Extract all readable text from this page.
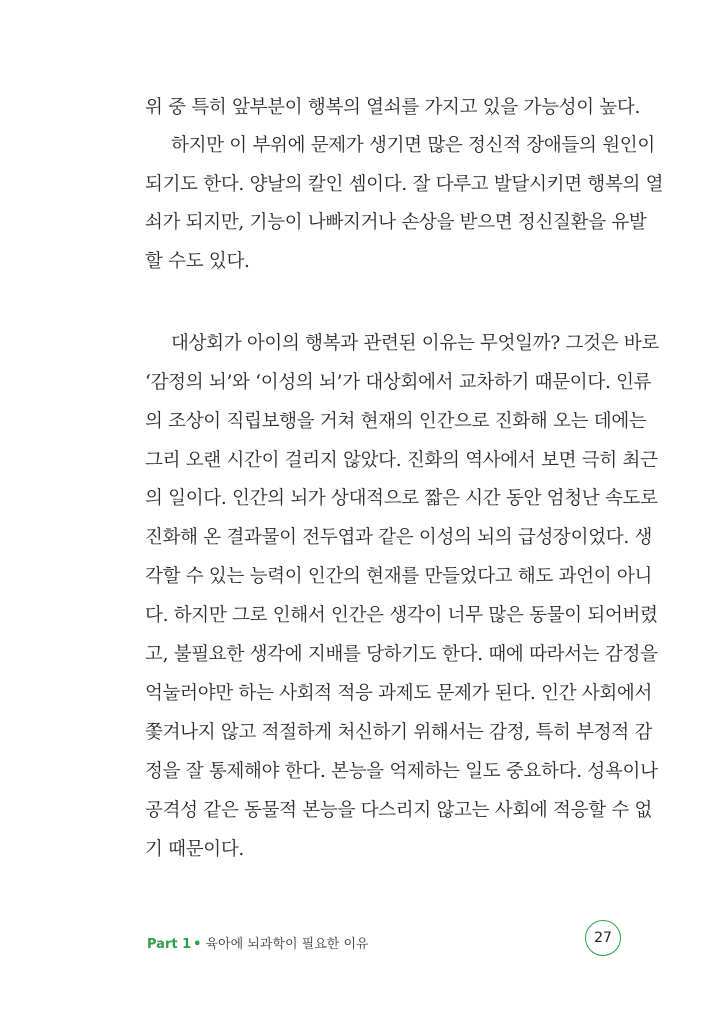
위 중 특히 앞부분이 행복의 열쇠를 가지고 있을 가능성이 높다.
하지만 이 부위에 문제가 생기면 많은 정신적 장애들의 원인이
되기도 한다. 양날의 칼인 셈이다. 잘 다루고 발달시키면 행복의 열
쇠가 되지만, 기능이 나빠지거나 손상을 받으면 정신질환을 유발
할 수도 있다.
대상회가 아이의 행복과 관련된 이유는 무엇일까? 그것은 바로
‘감정의 뇌’와 ‘이성의 뇌’가 대상회에서 교차하기 때문이다. 인류
의 조상이 직립보행을 거쳐 현재의 인간으로 진화해 오는 데에는
그리 오랜 시간이 걸리지 않았다. 진화의 역사에서 보면 극히 최근
의 일이다. 인간의 뇌가 상대적으로 짧은 시간 동안 엄청난 속도로
진화해 온 결과물이 전두엽과 같은 이성의 뇌의 급성장이었다. 생
각할 수 있는 능력이 인간의 현재를 만들었다고 해도 과언이 아니
다. 하지만 그로 인해서 인간은 생각이 너무 많은 동물이 되어버렸
고, 불필요한 생각에 지배를 당하기도 한다. 때에 따라서는 감정을
억눌러야만 하는 사회적 적응 과제도 문제가 된다. 인간 사회에서
쫓겨나지 않고 적절하게 처신하기 위해서는 감정, 특히 부정적 감
정을 잘 통제해야 한다. 본능을 억제하는 일도 중요하다. 성욕이나
공격성 같은 동물적 본능을 다스리지 않고는 사회에 적응할 수 없
기 때문이다.
Part 1 • 육아에 뇌과학이 필요한 이유	27
